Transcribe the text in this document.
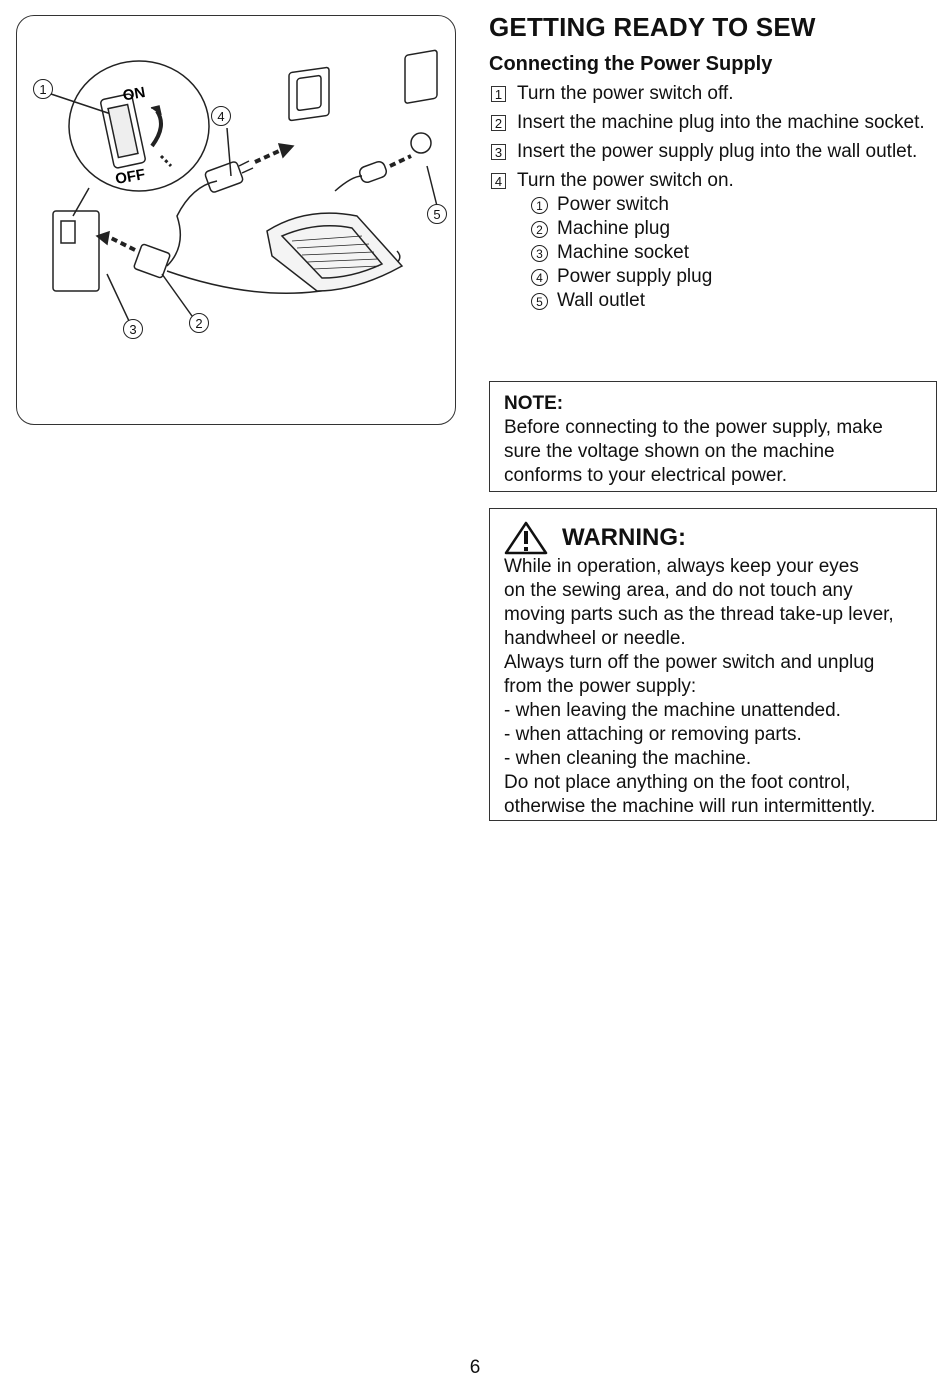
ON
OFF
1
4
5
3	2
GETTING READY TO SEW
Connecting the Power Supply
1 Turn the power switch off.
2 Insert the machine plug into the machine socket.
3 Insert the power supply plug into the wall outlet.
4 Turn the power switch on.
1 Power switch
2 Machine plug
3 Machine socket
4 Power supply plug
5 Wall outlet
NOTE:
Before connecting to the power supply, make
sure the voltage shown on the machine
conforms to your electrical power.
WARNING:
While in operation, always keep your eyes
on the sewing area, and do not touch any
moving parts such as the thread take-up lever,
handwheel or needle.
Always turn off the power switch and unplug
from the power supply:
- when leaving the machine unattended.
- when attaching or removing parts.
- when cleaning the machine.
Do not place anything on the foot control,
otherwise the machine will run intermittently.
6
